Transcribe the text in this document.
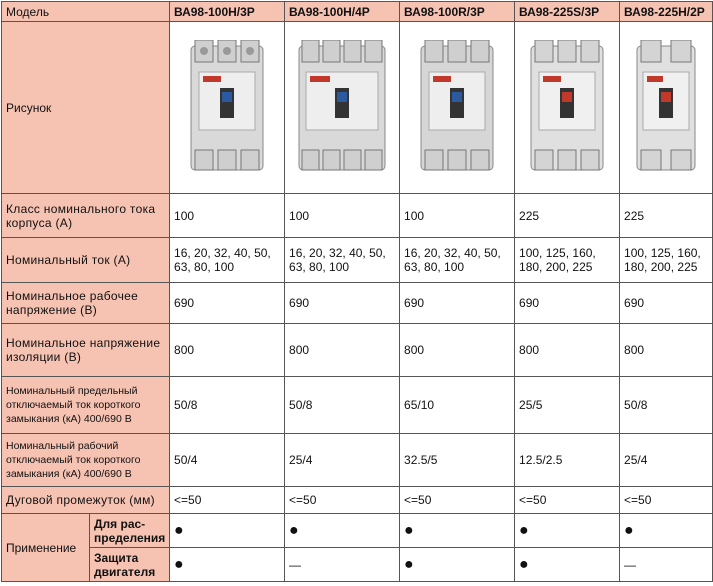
Модель		ВА98-100Н/3Р	ВА98-100Н/4Р	ВА98-100R/3Р	ВА98-225S/3Р	ВА98-225Н/2Р
Рисунок	

Класс номинального тока корпуса (А)		100	100	100	225	225
Номинальный ток (А)		16, 20, 32, 40, 50, 63, 80, 100	16, 20, 32, 40, 50, 63, 80, 100	16, 20, 32, 40, 50, 63, 80, 100	100, 125, 160, 180, 200, 225	100, 125, 160, 180, 200, 225
Номинальное рабочее напряжение (В)		690	690	690	690	690
Номинальное напряжение изоляции (В)		800	800	800	800	800
Номинальный предельный отключаемый ток короткого замыкания (кА) 400/690 В		50/8	50/8	65/10	25/5	50/8
Номинальный рабочий отключаемый ток короткого замыкания (кА) 400/690 В		50/4	25/4	32.5/5	12.5/2.5	25/4
Дуговой промежуток (мм)		<=50	<=50	<=50	<=50	<=50
Применение	Для рас-пределения	●	●	●	●	●
	Защита двигателя	●	—	●	●	—
